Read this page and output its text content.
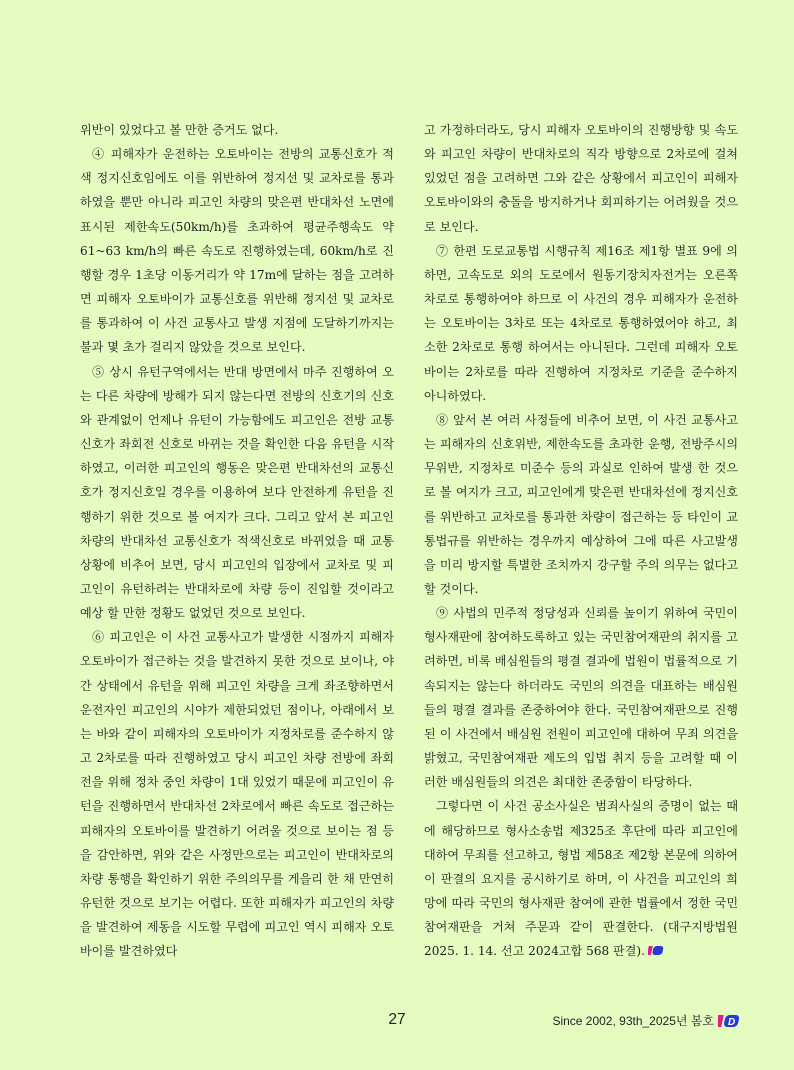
위반이 있었다고 볼 만한 증거도 없다.

④ 피해자가 운전하는 오토바이는 전방의 교통신호가 적색 정지신호임에도 이를 위반하여 정지선 및 교차로를 통과하였을 뿐만 아니라 피고인 차량의 맞은편 반대차선 노면에 표시된 제한속도(50km/h)를 초과하여 평균주행속도 약 61~63 km/h의 빠른 속도로 진행하였는데, 60km/h로 진행할 경우 1초당 이동거리가 약 17m에 달하는 점을 고려하면 피해자 오토바이가 교통신호를 위반해 정지선 및 교차로를 통과하여 이 사건 교통사고 발생 지점에 도달하기까지는 불과 몇 초가 걸리지 않았을 것으로 보인다.

⑤ 상시 유턴구역에서는 반대 방면에서 마주 진행하여 오는 다른 차량에 방해가 되지 않는다면 전방의 신호기의 신호와 관계없이 언제나 유턴이 가능함에도 피고인은 전방 교통신호가 좌회전 신호로 바뀌는 것을 확인한 다음 유턴을 시작하였고, 이러한 피고인의 행동은 맞은편 반대차선의 교통신호가 정지신호일 경우를 이용하여 보다 안전하게 유턴을 진행하기 위한 것으로 볼 여지가 크다. 그리고 앞서 본 피고인 차량의 반대차선 교통신호가 적색신호로 바뀌었을 때 교통상황에 비추어 보면, 당시 피고인의 입장에서 교차로 및 피고인이 유턴하려는 반대차로에 차량 등이 진입할 것이라고 예상 할 만한 정황도 없었던 것으로 보인다.

⑥ 피고인은 이 사건 교통사고가 발생한 시점까지 피해자 오토바이가 접근하는 것을 발견하지 못한 것으로 보이나, 야간 상태에서 유턴을 위해 피고인 차량을 크게 좌조향하면서 운전자인 피고인의 시야가 제한되었던 점이나, 아래에서 보는 바와 같이 피해자의 오토바이가 지정차로를 준수하지 않고 2차로를 따라 진행하였고 당시 피고인 차량 전방에 좌회전을 위해 정차 중인 차량이 1대 있었기 때문에 피고인이 유턴을 진행하면서 반대차선 2차로에서 빠른 속도로 접근하는 피해자의 오토바이를 발견하기 어려울 것으로 보이는 점 등을 감안하면, 위와 같은 사정만으로는 피고인이 반대차로의 차량 통행을 확인하기 위한 주의의무를 게을리 한 채 만연히 유턴한 것으로 보기는 어렵다. 또한 피해자가 피고인의 차량을 발견하여 제동을 시도할 무렵에 피고인 역시 피해자 오토바이를 발견하였다

고 가정하더라도, 당시 피해자 오토바이의 진행방향 및 속도와 피고인 차량이 반대차로의 직각 방향으로 2차로에 걸쳐있었던 점을 고려하면 그와 같은 상황에서 피고인이 피해자 오토바이와의 충돌을 방지하거나 회피하기는 어려웠을 것으로 보인다.

⑦ 한편 도로교통법 시행규칙 제16조 제1항 별표 9에 의하면, 고속도로 외의 도로에서 원동기장치자전거는 오른쪽 차로로 통행하여야 하므로 이 사건의 경우 피해자가 운전하는 오토바이는 3차로 또는 4차로로 통행하였어야 하고, 최소한 2차로로 통행 하여서는 아니된다. 그런데 피해자 오토바이는 2차로를 따라 진행하여 지정차로 기준을 준수하지 아니하였다.

⑧ 앞서 본 여러 사정들에 비추어 보면, 이 사건 교통사고는 피해자의 신호위반, 제한속도를 초과한 운행, 전방주시의무위반, 지정차로 미준수 등의 과실로 인하여 발생 한 것으로 볼 여지가 크고, 피고인에게 맞은편 반대차선에 정지신호를 위반하고 교차로를 통과한 차량이 접근하는 등 타인이 교통법규를 위반하는 경우까지 예상하여 그에 따른 사고발생을 미리 방지할 특별한 조치까지 강구할 주의 의무는 없다고 할 것이다.

⑨ 사법의 민주적 정당성과 신뢰를 높이기 위하여 국민이 형사재판에 참여하도록하고 있는 국민참여재판의 취지를 고려하면, 비록 배심원들의 평결 결과에 법원이 법률적으로 기속되지는 않는다 하더라도 국민의 의견을 대표하는 배심원들의 평결 결과를 존중하여야 한다. 국민참여재판으로 진행된 이 사건에서 배심원 전원이 피고인에 대하여 무죄 의견을 밝혔고, 국민참여재판 제도의 입법 취지 등을 고려할 때 이러한 배심원들의 의견은 최대한 존중함이 타당하다.

그렇다면 이 사건 공소사실은 범죄사실의 증명이 없는 때에 해당하므로 형사소송법 제325조 후단에 따라 피고인에 대하여 무죄를 선고하고, 형법 제58조 제2항 본문에 의하여 이 판결의 요지를 공시하기로 하며, 이 사건을 피고인의 희망에 따라 국민의 형사재판 참여에 관한 법률에서 정한 국민참여재판을 거쳐 주문과 같이 판결한다. (대구지방법원 2025. 1. 14. 선고 2024고합 568 판결).

27	Since 2002, 93th_2025년 봄호 D
